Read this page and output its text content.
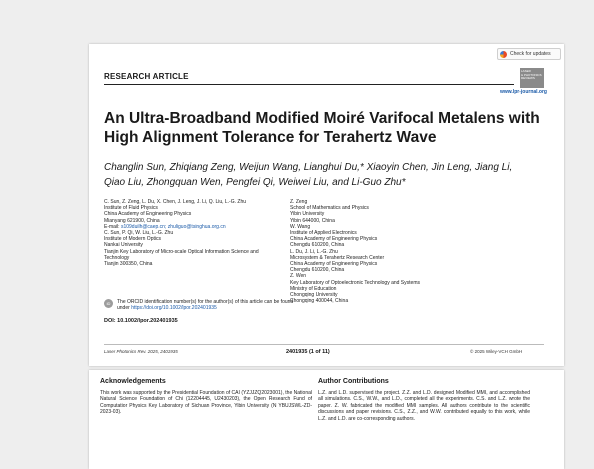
Check for updates
RESEARCH ARTICLE
LASER
& PHOTONICS
REVIEWS
www.lpr-journal.org
An Ultra-Broadband Modified Moiré Varifocal Metalens with High Alignment Tolerance for Terahertz Wave

Changlin Sun, Zhiqiang Zeng, Weijun Wang, Lianghui Du,* Xiaoyin Chen, Jin Leng, Jiang Li, Qiao Liu, Zhongquan Wen, Pengfei Qi, Weiwei Liu, and Li-Guo Zhu*

C. Sun, Z. Zeng, L. Du, X. Chen, J. Leng, J. Li, Q. Liu, L.-G. Zhu
Institute of Fluid Physics
China Academy of Engineering Physics
Mianyang 621900, China
E-mail: s109duilh@caep.cn; zhuliguo@tsinghua.org.cn
C. Sun, P. Qi, W. Liu, L.-G. Zhu
Institute of Modern Optics
Nankai University
Tianjin Key Laboratory of Micro-scale Optical Information Science and
Technology
Tianjin 300350, China
Z. Zeng
School of Mathematics and Physics
Yibin University
Yibin 644000, China
W. Wang
Institute of Applied Electronics
China Academy of Engineering Physics
Chengdu 610200, China
L. Du, J. Li, L.-G. Zhu
Microsystem & Terahertz Research Center
China Academy of Engineering Physics
Chengdu 610200, China
Z. Wen
Key Laboratory of Optoelectronic Technology and Systems
Ministry of Education
Chongqing University
Chongqing 400044, China
iD	The ORCID identification number(s) for the author(s) of this article can be found under https://doi.org/10.1002/lpor.202401935
DOI: 10.1002/lpor.202401935
Laser Photonics Rev. 2025, 2401935	2401935 (1 of 11)	© 2025 Wiley-VCH GmbH
Acknowledgements

This work was supported by the Presidential Foundation of CAI (YZJJZQ2023001), the National Natural Science Foundation of Chi (12204445, U2430203), the Open Research Fund of Computatior Physics Key Laboratory of Sichuan Province, Yibin University (N YBUJSWL-ZD-2023-03).

Author Contributions

L.Z. and L.D. supervised the project. Z.Z. and L.D. designed Modified MMI, and accomplished all simulations. C.S., W.W., and L.D., completed all the experiments. C.S. and L.Z. wrote the paper. Z. W. fabricated the modified MMI samples. All authors contribute to the scientific discussions and paper revisions. C.S., Z.Z., and W.W. contributed equally to this work, while L.Z. and L.D. are co-corresponding authors.
